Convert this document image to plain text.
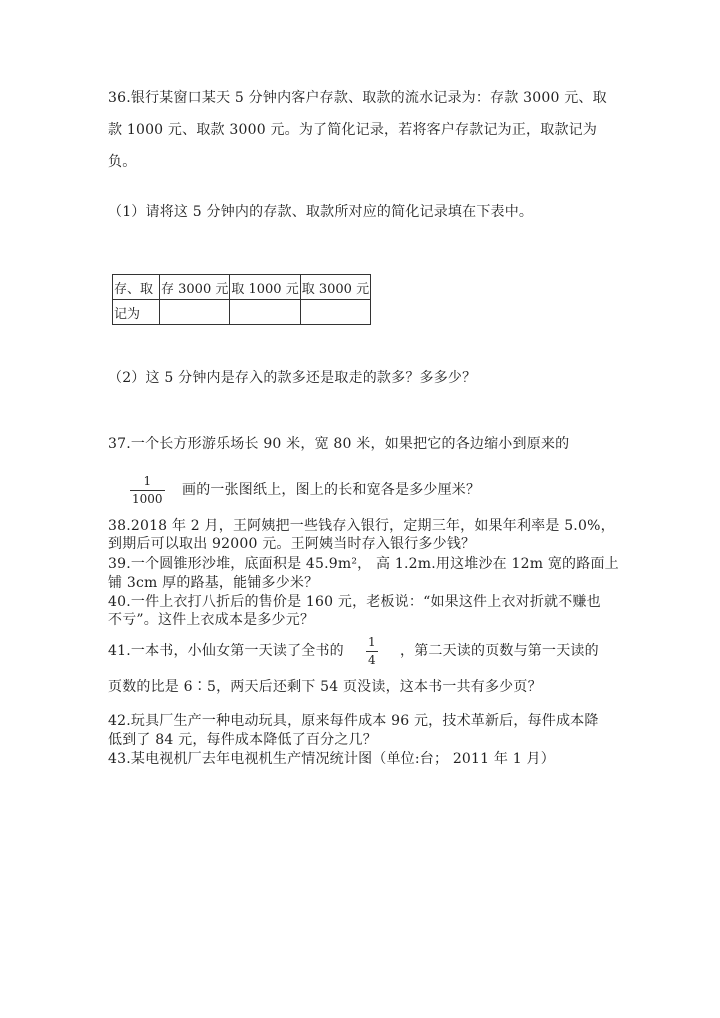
36.银行某窗口某天 5 分钟内客户存款、取款的流水记录为：存款 3000 元、取
款 1000 元、取款 3000 元。为了简化记录，若将客户存款记为正，取款记为
负。
（1）请将这 5 分钟内的存款、取款所对应的简化记录填在下表中。
存、取	存 3000 元	取 1000 元	取 3000 元
记为			
（2）这 5 分钟内是存入的款多还是取走的款多？多多少？
37.一个长方形游乐场长 90 米，宽 80 米，如果把它的各边缩小到原来的
1
1000
画的一张图纸上，图上的长和宽各是多少厘米？
38.2018 年 2 月，王阿姨把一些钱存入银行，定期三年，如果年利率是 5.0%，
到期后可以取出 92000 元。王阿姨当时存入银行多少钱？
39.一个圆锥形沙堆，底面积是 45.9m²， 高 1.2m.用这堆沙在 12m 宽的路面上
铺 3cm 厚的路基，能铺多少米？
40.一件上衣打八折后的售价是 160 元，老板说：“如果这件上衣对折就不赚也
不亏”。这件上衣成本是多少元？
41.一本书，小仙女第一天读了全书的
1
4
，第二天读的页数与第一天读的
页数的比是 6∶5，两天后还剩下 54 页没读，这本书一共有多少页？
42.玩具厂生产一种电动玩具，原来每件成本 96 元，技术革新后，每件成本降
低到了 84 元，每件成本降低了百分之几？
43.某电视机厂去年电视机生产情况统计图（单位:台； 2011 年 1 月）
